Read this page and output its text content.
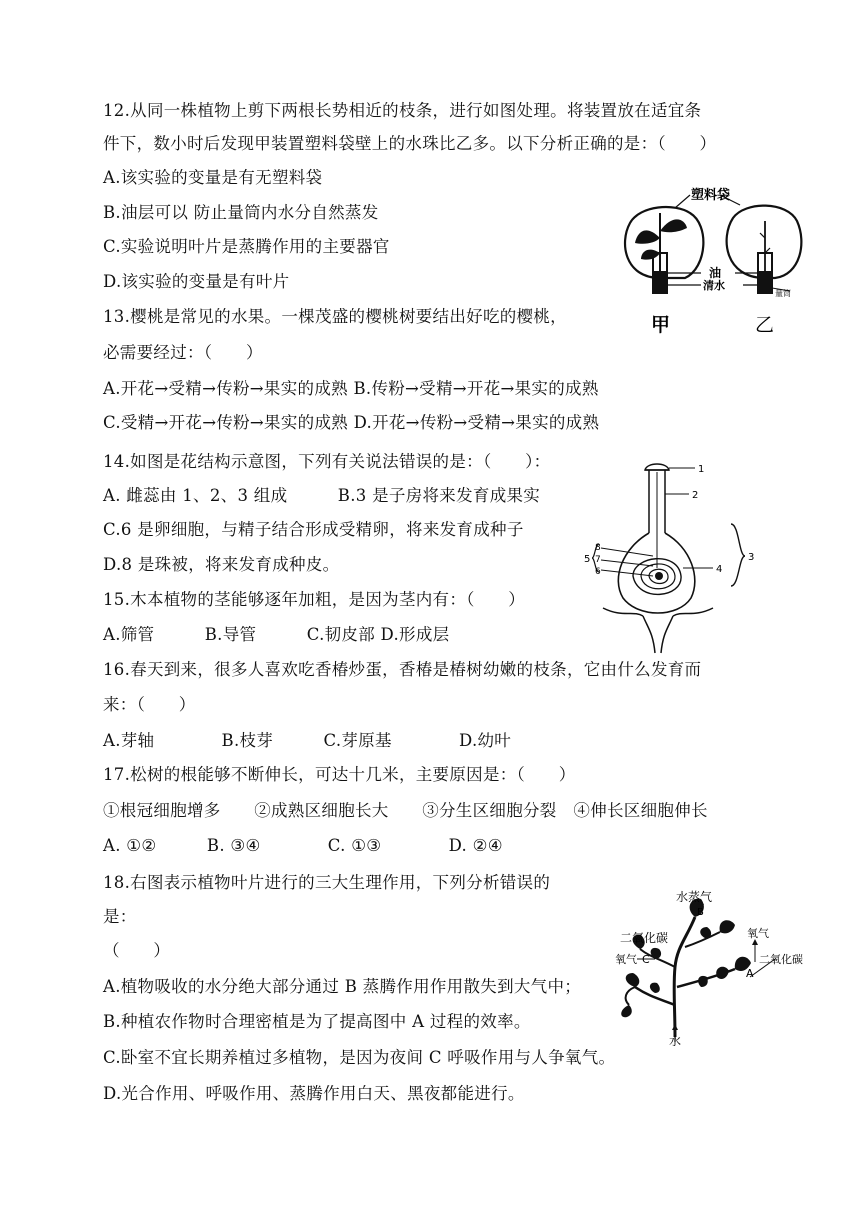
12.从同一株植物上剪下两根长势相近的枝条，进行如图处理。将装置放在适宜条
件下，数小时后发现甲装置塑料袋壁上的水珠比乙多。以下分析正确的是：（　　）
A.该实验的变量是有无塑料袋
B.油层可以 防止量筒内水分自然蒸发
C.实验说明叶片是蒸腾作用的主要器官
D.该实验的变量是有叶片
塑料袋
油
清水
量筒
甲	乙
13.樱桃是常见的水果。一棵茂盛的樱桃树要结出好吃的樱桃，
必需要经过：（　　）
A.开花→受精→传粉→果实的成熟 B.传粉→受精→开花→果实的成熟
C.受精→开花→传粉→果实的成熟 D.开花→传粉→受精→果实的成熟
14.如图是花结构示意图，下列有关说法错误的是：（　　）：
A. 雌蕊由 1、2、3 组成　　　B.3 是子房将来发育成果实
C.6 是卵细胞，与精子结合形成受精卵，将来发育成种子
D.8 是珠被，将来发育成种皮。
1
2
3
4
5
8
7
6
15.木本植物的茎能够逐年加粗，是因为茎内有：（　　）
A.筛管　　　B.导管　　　C.韧皮部 D.形成层
16.春天到来，很多人喜欢吃香椿炒蛋，香椿是椿树幼嫩的枝条，它由什么发育而
来：（　　）
A.芽轴　　　　B.枝芽　　　C.芽原基　　　　D.幼叶
17.松树的根能够不断伸长，可达十几米，主要原因是：（　　）
①根冠细胞增多　　②成熟区细胞长大　　③分生区细胞分裂　④伸长区细胞伸长
A. ①②　　　B. ③④　　　　C. ①③　　　　D. ②④
18.右图表示植物叶片进行的三大生理作用，下列分析错误的
是：
（　　）
A.植物吸收的水分绝大部分通过 B 蒸腾作用作用散失到大气中；
B.种植农作物时合理密植是为了提高图中 A 过程的效率。
C.卧室不宜长期养植过多植物，是因为夜间 C 呼吸作用与人争氧气。
D.光合作用、呼吸作用、蒸腾作用白天、黑夜都能进行。
水蒸气
B
二氧化碳
氧气 C
氧气
A
二氧化碳
水
